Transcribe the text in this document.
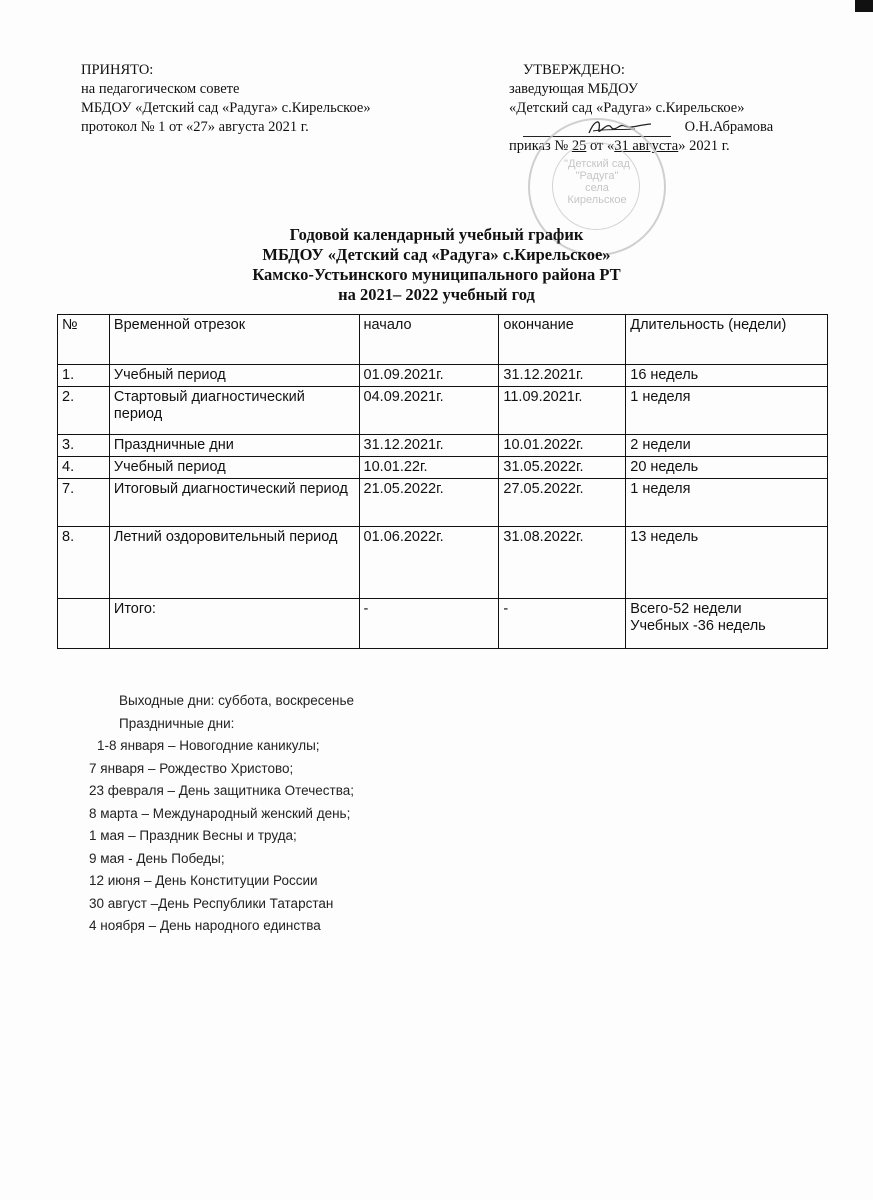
ПРИНЯТО:
на педагогическом совете
МБДОУ «Детский сад «Радуга» с.Кирельское»
протокол № 1 от «27» августа 2021 г.
УТВЕРЖДЕНО:
заведующая МБДОУ
«Детский сад «Радуга» с.Кирельское»
О.Н.Абрамова
приказ № 25 от «31 августа» 2021 г.
"Детский сад
"Радуга"
села
Кирельское
Годовой календарный учебный график
МБДОУ «Детский сад «Радуга» с.Кирельское»
Камско-Устьинского муниципального района РТ
на 2021– 2022 учебный год
№	Временной отрезок	начало	окончание	Длительность (недели)
1.	Учебный период	01.09.2021г.	31.12.2021г.	16 недель
2.	Стартовый диагностический период	04.09.2021г.	11.09.2021г.	1 неделя
3.	Праздничные дни	31.12.2021г.	10.01.2022г.	2 недели
4.	Учебный период	10.01.22г.	31.05.2022г.	20 недель
7.	Итоговый диагностический период	21.05.2022г.	27.05.2022г.	1 неделя
8.	Летний оздоровительный период	01.06.2022г.	31.08.2022г.	13 недель
	Итого:	-	-	Всего-52 недели
Учебных -36 недель
Выходные дни: суббота, воскресенье
Праздничные дни:
1-8 января – Новогодние каникулы;
7 января – Рождество Христово;
23 февраля – День защитника Отечества;
8 марта – Международный женский день;
1 мая – Праздник Весны и труда;
9 мая - День Победы;
12 июня – День Конституции России
30 август –День Республики Татарстан
4 ноября – День народного единства
